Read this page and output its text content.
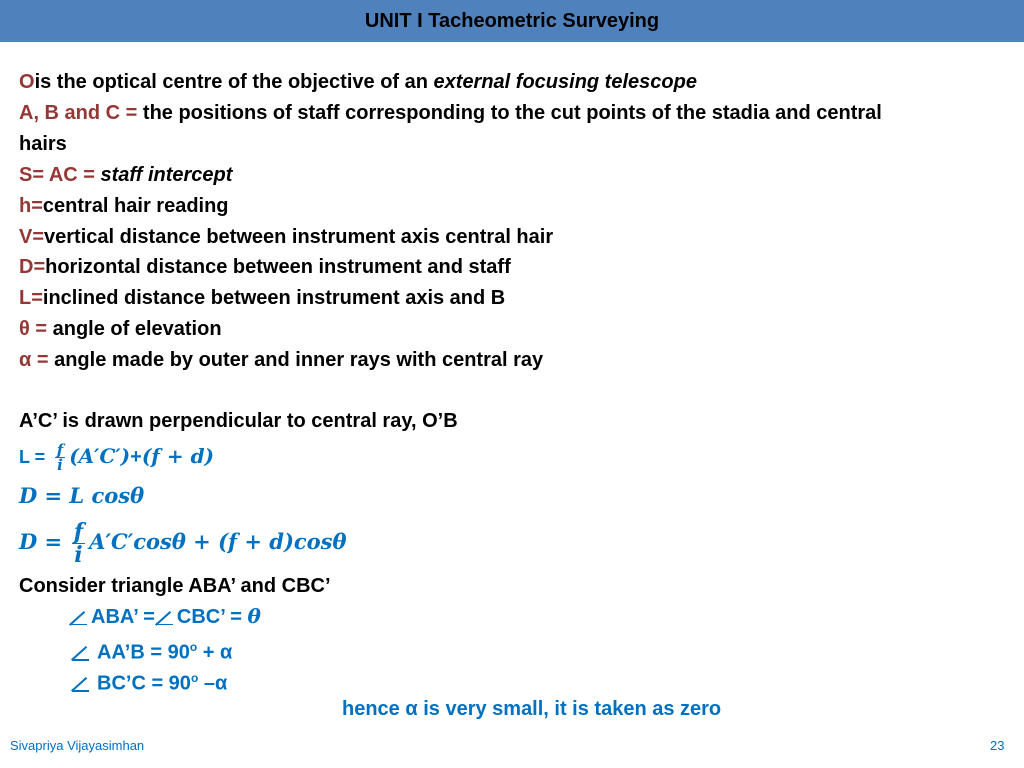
UNIT I Tacheometric Surveying
Ois the optical centre of the objective of an external focusing telescope
A, B and C = the positions of staff corresponding to the cut points of the stadia and central
hairs
S= AC = staff intercept
h=central hair reading
V=vertical distance between instrument axis central hair
D=horizontal distance between instrument and staff
L=inclined distance between instrument axis and B
θ = angle of elevation
α = angle made by outer and inner rays with central ray
A’C’ is drawn perpendicular to central ray, O’B
$L = \frac{f}{i} (A'C')+(f + d)$
D = L cosθ
$D = \frac{f}{i} A'C'\cos\theta + (f + d)\cos\theta$
Consider triangle ABA’ and CBC’
ABA’ = CBC’ = θ
AA’B = $90^o + \alpha$
BC’C = $90^o$ –α
hence α is very small, it is taken as zero
Sivapriya Vijayasimhan	23
